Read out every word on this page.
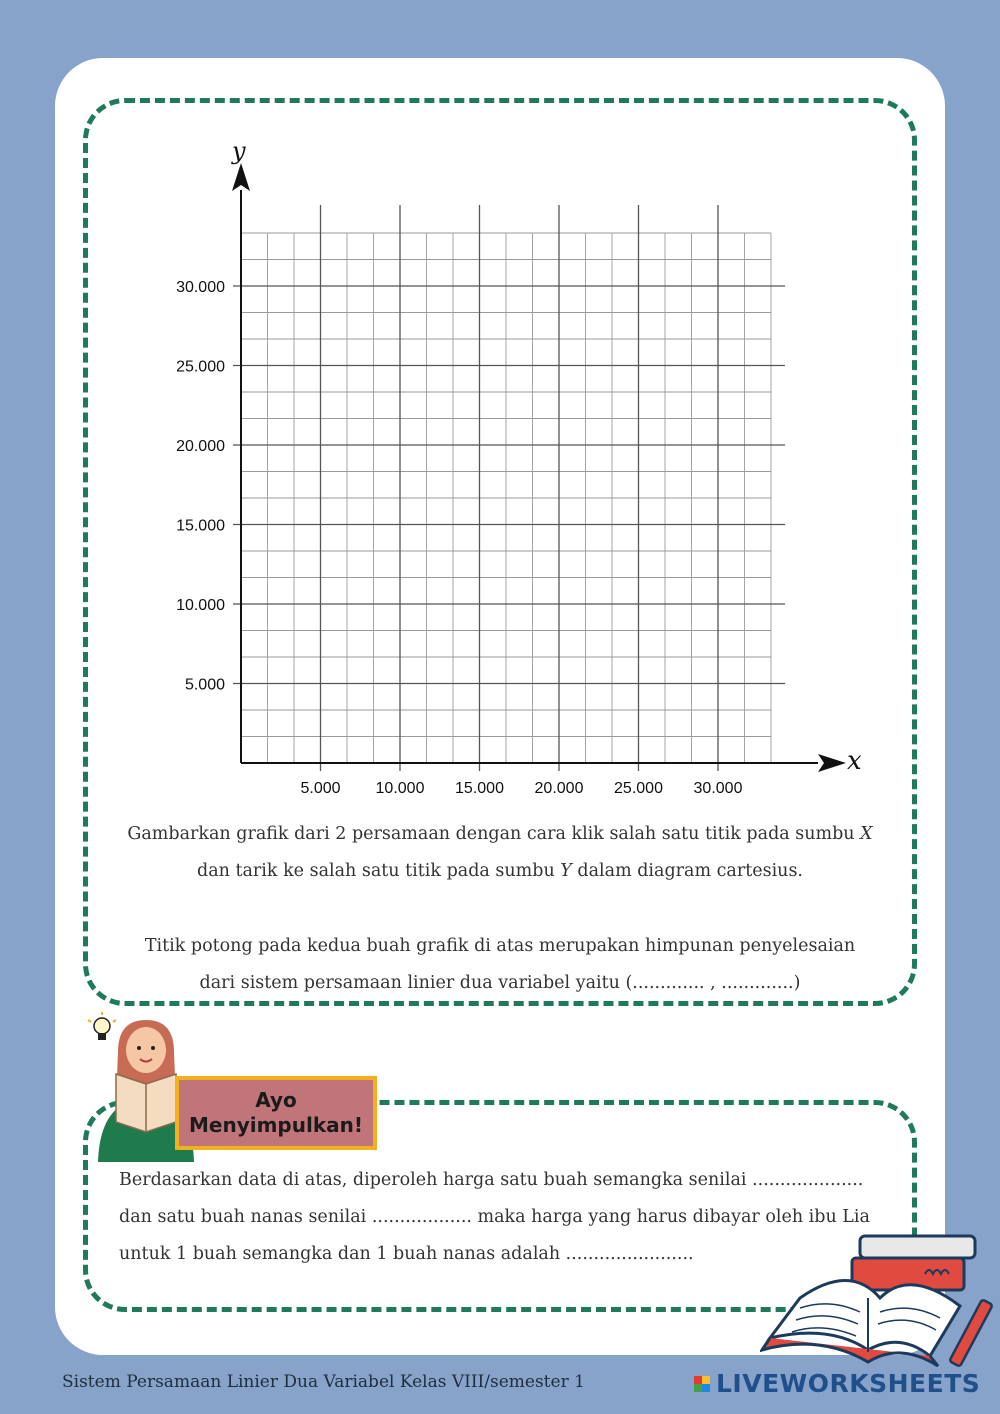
y
x
5.000 10.000 15.000 20.000 25.000 30.000
5.000
10.000
15.000
20.000
25.000
30.000
Gambarkan grafik dari 2 persamaan dengan cara klik salah satu titik pada sumbu 𝑋
dan tarik ke salah satu titik pada sumbu 𝑌 dalam diagram cartesius.
Titik potong pada kedua buah grafik di atas merupakan himpunan penyelesaian
dari sistem persamaan linier dua variabel yaitu (............. , .............)
Ayo
Menyimpulkan!
Berdasarkan data di atas, diperoleh harga satu buah semangka senilai ....................
dan satu buah nanas senilai .................. maka harga yang harus dibayar oleh ibu Lia
untuk 1 buah semangka dan 1 buah nanas adalah .......................
Sistem Persamaan Linier Dua Variabel Kelas VIII/semester 1	LIVEWORKSHEETS
